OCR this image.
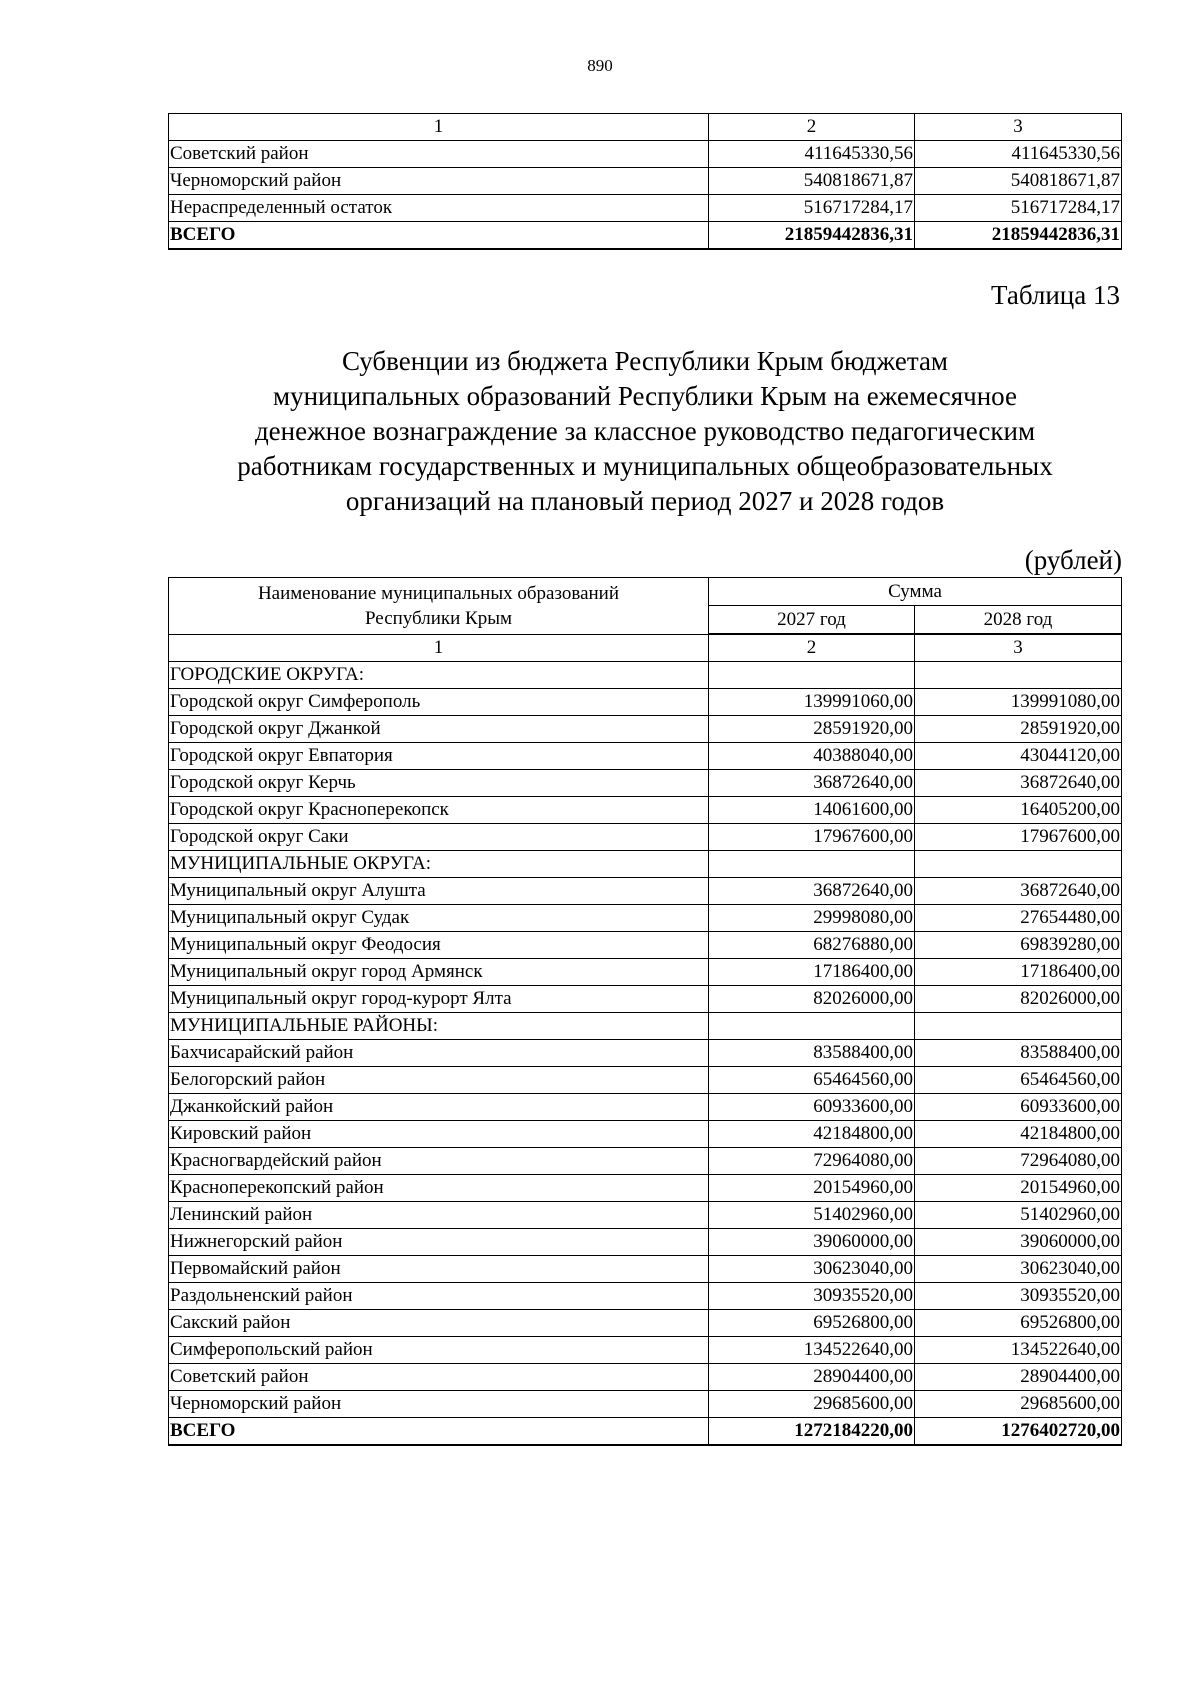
890
1	2	3
Советский район	411645330,56	411645330,56
Черноморский район	540818671,87	540818671,87
Нераспределенный остаток	516717284,17	516717284,17
ВСЕГО	21859442836,31	21859442836,31
Таблица 13
Субвенции из бюджета Республики Крым бюджетам
муниципальных образований Республики Крым на ежемесячное
денежное вознаграждение за классное руководство педагогическим
работникам государственных и муниципальных общеобразовательных
организаций на плановый период 2027 и 2028 годов
(рублей)
Наименование муниципальных образований
Республики Крым	Сумма	
	2027 год	2028 год
1	2	3
ГОРОДСКИЕ ОКРУГА:		
Городской округ Симферополь	139991060,00	139991080,00
Городской округ Джанкой	28591920,00	28591920,00
Городской округ Евпатория	40388040,00	43044120,00
Городской округ Керчь	36872640,00	36872640,00
Городской округ Красноперекопск	14061600,00	16405200,00
Городской округ Саки	17967600,00	17967600,00
МУНИЦИПАЛЬНЫЕ ОКРУГА:		
Муниципальный округ Алушта	36872640,00	36872640,00
Муниципальный округ Судак	29998080,00	27654480,00
Муниципальный округ Феодосия	68276880,00	69839280,00
Муниципальный округ город Армянск	17186400,00	17186400,00
Муниципальный округ город-курорт Ялта	82026000,00	82026000,00
МУНИЦИПАЛЬНЫЕ РАЙОНЫ:		
Бахчисарайский район	83588400,00	83588400,00
Белогорский район	65464560,00	65464560,00
Джанкойский район	60933600,00	60933600,00
Кировский район	42184800,00	42184800,00
Красногвардейский район	72964080,00	72964080,00
Красноперекопский район	20154960,00	20154960,00
Ленинский район	51402960,00	51402960,00
Нижнегорский район	39060000,00	39060000,00
Первомайский район	30623040,00	30623040,00
Раздольненский район	30935520,00	30935520,00
Сакский район	69526800,00	69526800,00
Симферопольский район	134522640,00	134522640,00
Советский район	28904400,00	28904400,00
Черноморский район	29685600,00	29685600,00
ВСЕГО	1272184220,00	1276402720,00
